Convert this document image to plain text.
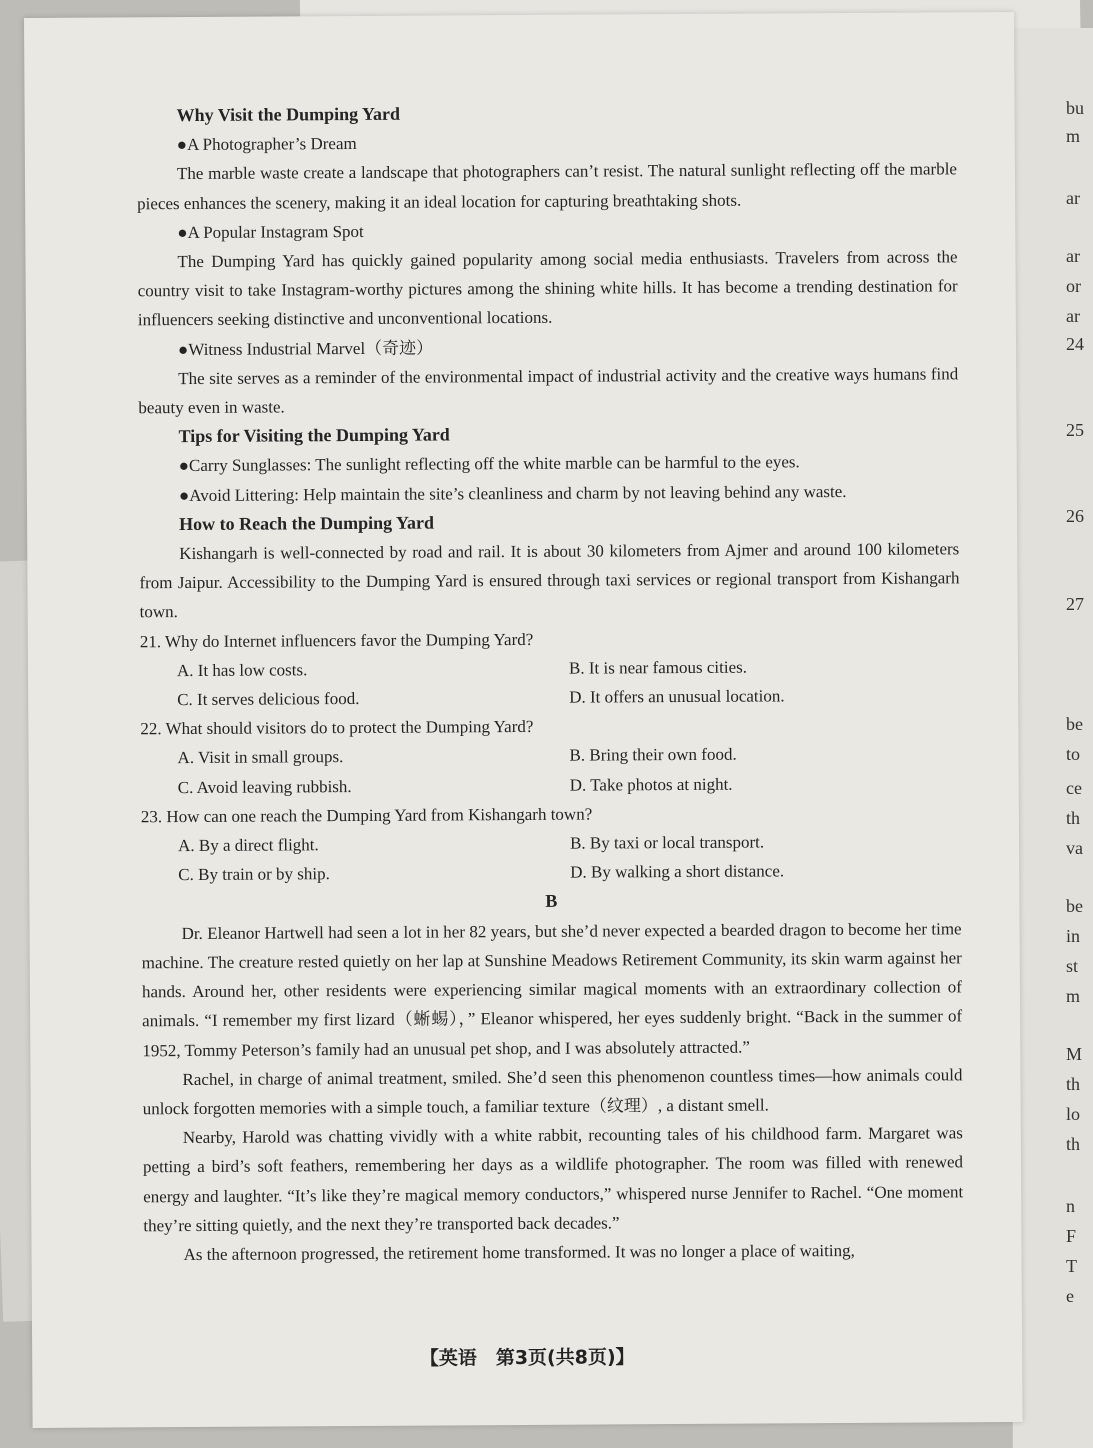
bu
m
ar
ar
or
ar
24
25
26
27
be
to
ce
th
va
be
in
st
m
M
th
lo
th
n
F
T
e
Why Visit the Dumping Yard
●A Photographer’s Dream
The marble waste create a landscape that photographers can’t resist. The natural sunlight reflecting off the marble pieces enhances the scenery, making it an ideal location for capturing breathtaking shots.
●A Popular Instagram Spot
The Dumping Yard has quickly gained popularity among social media enthusiasts. Travelers from across the country visit to take Instagram-worthy pictures among the shining white hills. It has become a trending destination for influencers seeking distinctive and unconventional locations.
●Witness Industrial Marvel（奇迹）
The site serves as a reminder of the environmental impact of industrial activity and the creative ways humans find beauty even in waste.
Tips for Visiting the Dumping Yard
●Carry Sunglasses: The sunlight reflecting off the white marble can be harmful to the eyes.
●Avoid Littering: Help maintain the site’s cleanliness and charm by not leaving behind any waste.
How to Reach the Dumping Yard
Kishangarh is well-connected by road and rail. It is about 30 kilometers from Ajmer and around 100 kilometers from Jaipur. Accessibility to the Dumping Yard is ensured through taxi services or regional transport from Kishangarh town.
21. Why do Internet influencers favor the Dumping Yard?
A. It has low costs.	B. It is near famous cities.
C. It serves delicious food.	D. It offers an unusual location.
22. What should visitors do to protect the Dumping Yard?
A. Visit in small groups.	B. Bring their own food.
C. Avoid leaving rubbish.	D. Take photos at night.
23. How can one reach the Dumping Yard from Kishangarh town?
A. By a direct flight.	B. By taxi or local transport.
C. By train or by ship.	D. By walking a short distance.
B
Dr. Eleanor Hartwell had seen a lot in her 82 years, but she’d never expected a bearded dragon to become her time machine. The creature rested quietly on her lap at Sunshine Meadows Retirement Community, its skin warm against her hands. Around her, other residents were experiencing similar magical moments with an extraordinary collection of animals. “I remember my first lizard（蜥蜴），” Eleanor whispered, her eyes suddenly bright. “Back in the summer of 1952, Tommy Peterson’s family had an unusual pet shop, and I was absolutely attracted.”
Rachel, in charge of animal treatment, smiled. She’d seen this phenomenon countless times—how animals could unlock forgotten memories with a simple touch, a familiar texture（纹理）, a distant smell.
Nearby, Harold was chatting vividly with a white rabbit, recounting tales of his childhood farm. Margaret was petting a bird’s soft feathers, remembering her days as a wildlife photographer. The room was filled with renewed energy and laughter. “It’s like they’re magical memory conductors,” whispered nurse Jennifer to Rachel. “One moment they’re sitting quietly, and the next they’re transported back decades.”
As the afternoon progressed, the retirement home transformed. It was no longer a place of waiting,
【英语　第3页(共8页)】
